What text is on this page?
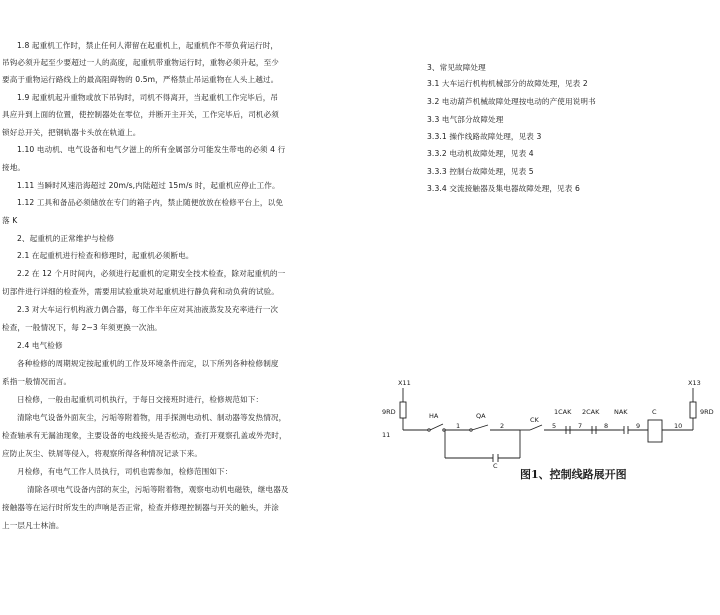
1.8 起重机工作时，禁止任何人滞留在起重机上，起重机作不带负荷运行时，
吊钩必须升起至少要超过一人的高度，起重机带重物运行时，重物必须升起，至少
要高于重物运行路线上的最高阻碍物的 0.5m，严格禁止吊运重物在人头上越过。
1.9 起重机起升重物或放下吊钩时，司机不得离开，当起重机工作完毕后，吊
具应升到上面的位置，使控制器处在零位，并断开主开关，工作完毕后，司机必须
锁好总开关，把钢轨器卡头放在轨道上。
1.10 电动机、电气设备和电气夕滋上的所有金属部分可能发生带电的必须 4 行
接地。
1.11 当瞬时风速沿海超过 20m/s,内陆超过 15m/s 时，起重机应停止工作。
1.12 工具和备品必须储放在专门的箱子内，禁止随便放放在检修平台上，以免
落 K
2、起重机的正常维护与检修
2.1 在起重机进行检查和修理时，起重机必须断电。
2.2 在 12 个月时间内，必须进行起重机的定期安全技术检查，除对起重机的一
切部件进行详细的检查外，需要用试验重块对起重机进行静负荷和动负荷的试验。
2.3 对大车运行机构液力偶合器，每工作半年应对其油液蒸发及充率进行一次
检查，一般情况下，每 2~3 年须更换一次油。
2.4 电气检修
各种检修的周期规定按起重机的工作及环境条件而定，以下所列各种检修制度
系指一般情况而言。
日检修，一般由起重机司机执行，于每日交接班时进行，检修规范如下：
清除电气设备外面灰尘，污垢等附着物，用手探测电动机、制动器等发热情况，
检查轴承有无漏油现象，主要设备的电线接头是否松动，查打开观察孔盖或外壳时，
应防止灰尘、铁屑等侵入，将观察所得各种情况记录下来。
月检修，有电气工作人员执行，司机也需参加，检修范围如下：
清除各项电气设备内部的灰尘，污垢等附着物，观察电动机电磁铁，继电器及
接触器等在运行时所发生的声响是否正常，检查并修理控制器与开关的触头，并涂
上一层凡士林油。
3、常见故障处理
3.1 大车运行机构机械部分的故障处理，见表 2
3.2 电动葫芦机械故障处理按电动的产使用说明书
3.3 电气部分故障处理
3.3.1 操作线路故障处理，见表 3
3.3.2 电动机故障处理，见表 4
3.3.3 控制台故障处理，见表 5
3.3.4 交流接触器及集电器故障处理，见表 6
X11	X13
9RD	9RD
11
HA	QA
1	2
CK
5
1CAK
7
2CAK
8
NAK
9
C
10
C
图1、控制线路展开图
